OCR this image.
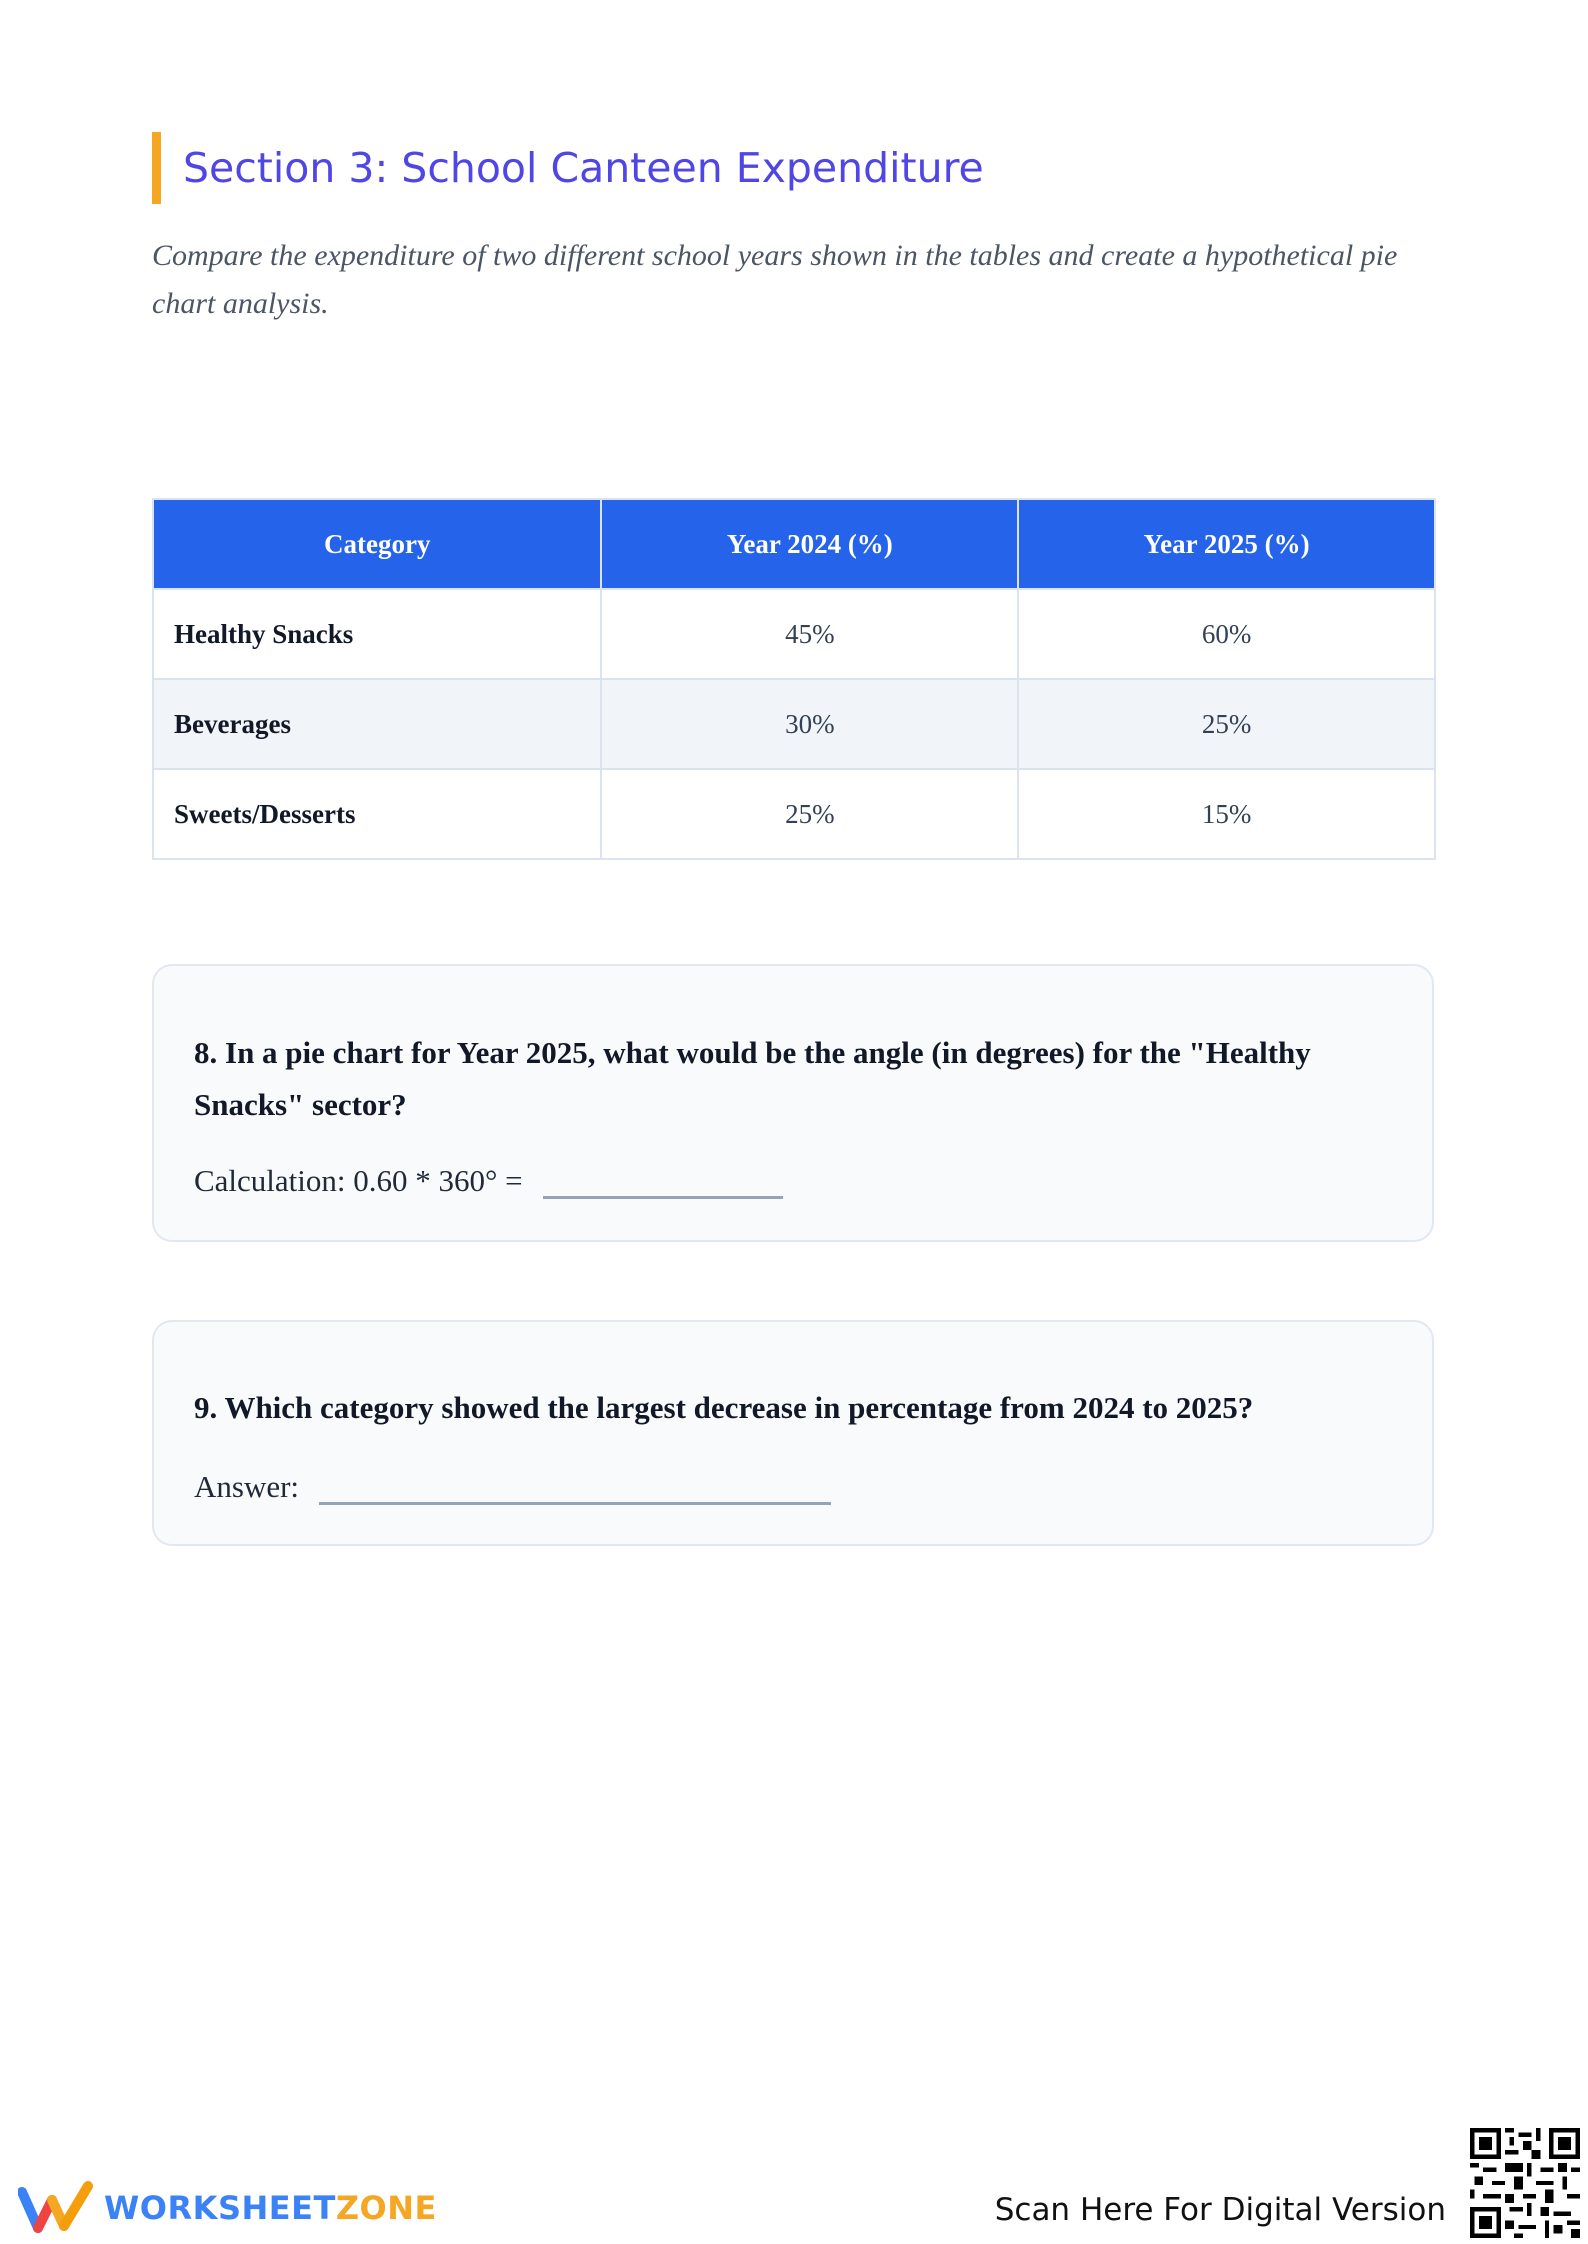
Section 3: School Canteen Expenditure
Compare the expenditure of two different school years shown in the tables and create a hypothetical pie chart analysis.
Category	Year 2024 (%)	Year 2025 (%)
Healthy Snacks	45%	60%
Beverages	30%	25%
Sweets/Desserts	25%	15%
8. In a pie chart for Year 2025, what would be the angle (in degrees) for the "Healthy Snacks" sector?
Calculation: 0.60 * 360° =
9. Which category showed the largest decrease in percentage from 2024 to 2025?
Answer:
WORKSHEETZONE	Scan Here For Digital Version
